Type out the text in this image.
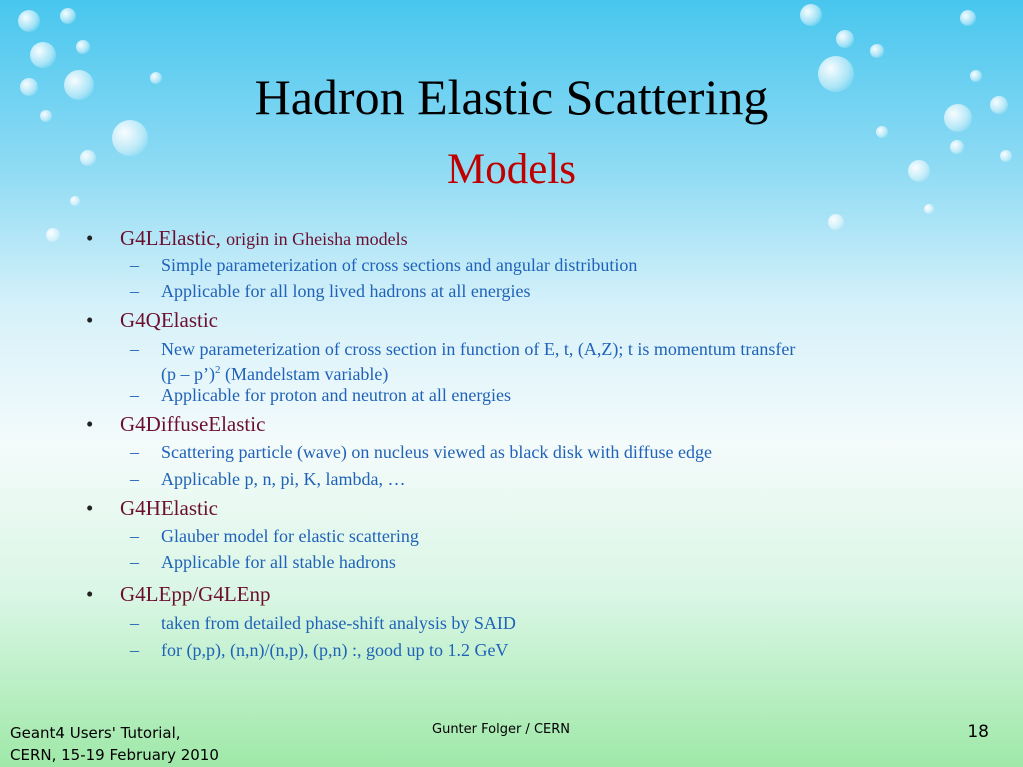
Hadron Elastic Scattering
Models
• G4LElastic, origin in Gheisha models
– Simple parameterization of cross sections and angular distribution
– Applicable for all long lived hadrons at all energies
• G4QElastic
– New parameterization of cross section in function of E, t, (A,Z); t is momentum transfer
(p – p’)$^2$ (Mandelstam variable)
– Applicable for proton and neutron at all energies
• G4DiffuseElastic
– Scattering particle (wave) on nucleus viewed as black disk with diffuse edge
– Applicable p, n, pi, K, lambda, …
• G4HElastic
– Glauber model for elastic scattering
– Applicable for all stable hadrons
• G4LEpp/G4LEnp
– taken from detailed phase-shift analysis by SAID
– for (p,p), (n,n)/(n,p), (p,n) :, good up to 1.2 GeV
Geant4 Users' Tutorial,
CERN, 15-19 February 2010
Gunter Folger / CERN	18
